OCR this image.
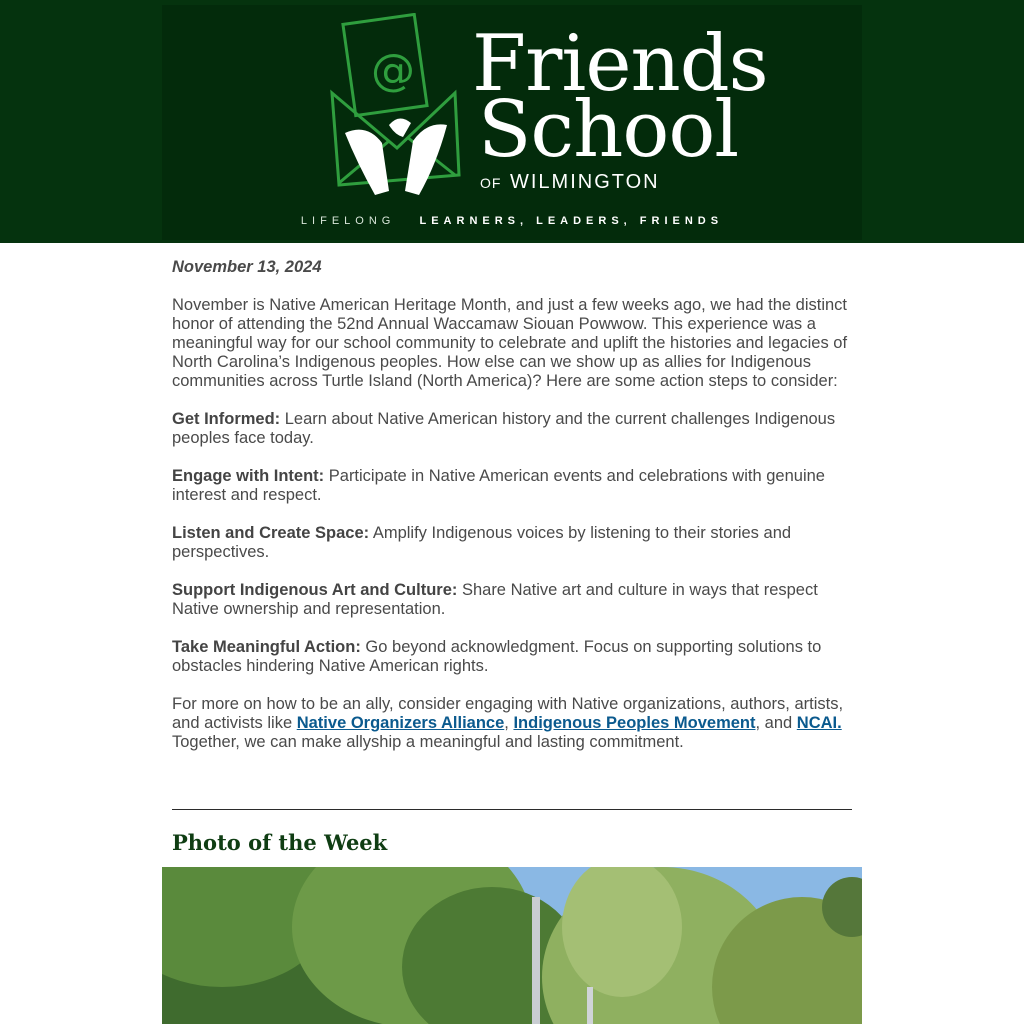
@ Friends
School
OF WILMINGTON
LIFELONG LEARNERS, LEADERS, FRIENDS
November 13, 2024

November is Native American Heritage Month, and just a few weeks ago, we had the distinct honor of attending the 52nd Annual Waccamaw Siouan Powwow. This experience was a meaningful way for our school community to celebrate and uplift the histories and legacies of North Carolina’s Indigenous peoples. How else can we show up as allies for Indigenous communities across Turtle Island (North America)? Here are some action steps to consider:

Get Informed: Learn about Native American history and the current challenges Indigenous peoples face today.

Engage with Intent: Participate in Native American events and celebrations with genuine interest and respect.

Listen and Create Space: Amplify Indigenous voices by listening to their stories and perspectives.

Support Indigenous Art and Culture: Share Native art and culture in ways that respect Native ownership and representation.

Take Meaningful Action: Go beyond acknowledgment. Focus on supporting solutions to obstacles hindering Native American rights.

For more on how to be an ally, consider engaging with Native organizations, authors, artists, and activists like Native Organizers Alliance, Indigenous Peoples Movement, and NCAI. Together, we can make allyship a meaningful and lasting commitment.

Photo of the Week
